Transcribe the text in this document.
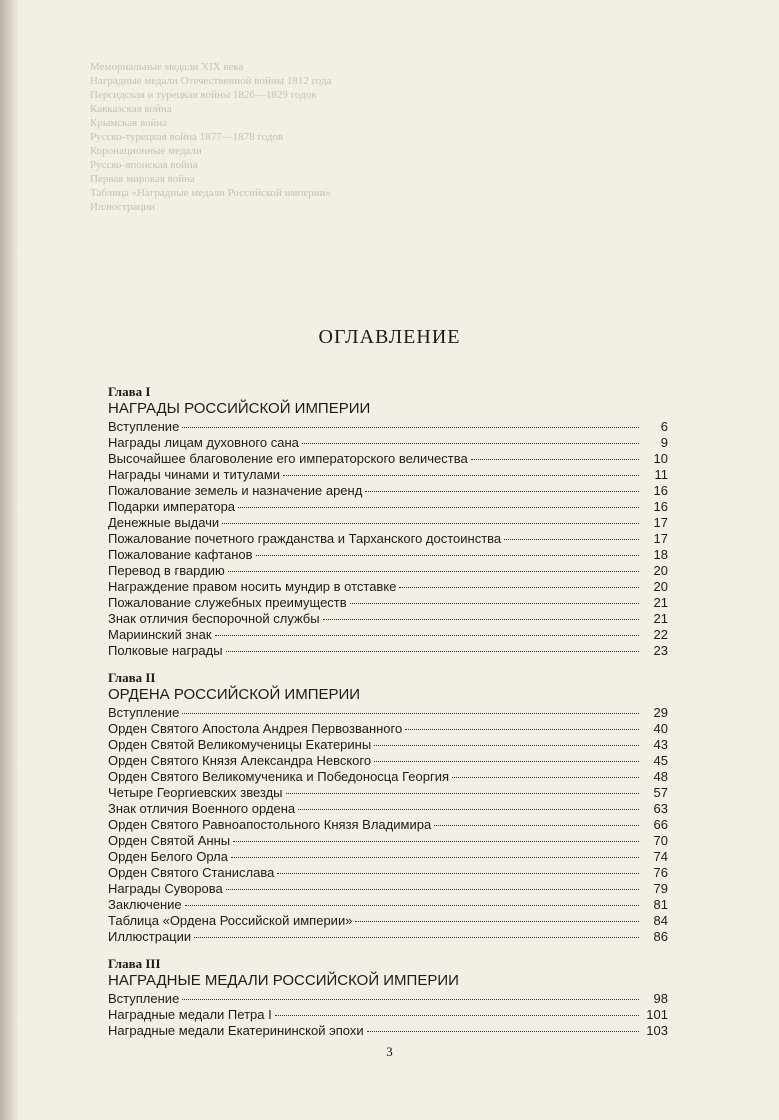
Мемориальные медали XIX века
Наградные медали Отечественной войны 1812 года
Персидская и турецкая войны 1826—1829 годов
Кавказская война
Крымская война
Русско-турецкая война 1877—1878 годов
Коронационные медали
Русско-японская война
Первая мировая война
Таблица «Наградные медали Российской империи»
Иллюстрации
ОГЛАВЛЕНИЕ
Глава I
НАГРАДЫ РОССИЙСКОЙ ИМПЕРИИ
Вступление	6
Награды лицам духовного сана	9
Высочайшее благоволение его императорского величества	10
Награды чинами и титулами	11
Пожалование земель и назначение аренд	16
Подарки императора	16
Денежные выдачи	17
Пожалование почетного гражданства и Тарханского достоинства	17
Пожалование кафтанов	18
Перевод в гвардию	20
Награждение правом носить мундир в отставке	20
Пожалование служебных преимуществ	21
Знак отличия беспорочной службы	21
Мариинский знак	22
Полковые награды	23
Глава II
ОРДЕНА РОССИЙСКОЙ ИМПЕРИИ
Вступление	29
Орден Святого Апостола Андрея Первозванного	40
Орден Святой Великомученицы Екатерины	43
Орден Святого Князя Александра Невского	45
Орден Святого Великомученика и Победоносца Георгия	48
Четыре Георгиевских звезды	57
Знак отличия Военного ордена	63
Орден Святого Равноапостольного Князя Владимира	66
Орден Святой Анны	70
Орден Белого Орла	74
Орден Святого Станислава	76
Награды Суворова	79
Заключение	81
Таблица «Ордена Российской империи»	84
Иллюстрации	86
Глава III
НАГРАДНЫЕ МЕДАЛИ РОССИЙСКОЙ ИМПЕРИИ
Вступление	98
Наградные медали Петра I	101
Наградные медали Екатерининской эпохи	103
3
